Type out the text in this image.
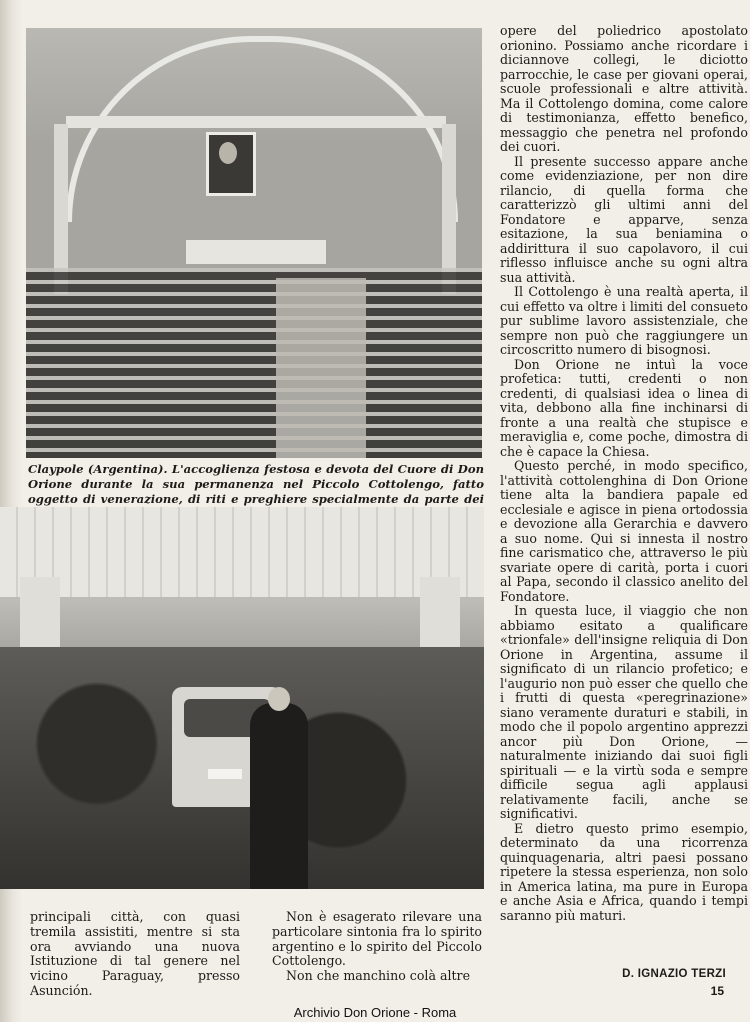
Claypole (Argentina). L'accoglienza festosa e devota del Cuore di Don Orione durante la sua permanenza nel Piccolo Cottolengo, fatto oggetto di venerazione, di riti e preghiere specialmente da parte dei

opere del poliedrico apostolato orionino. Possiamo anche ricordare i diciannove collegi, le diciotto parrocchie, le case per giovani operai, scuole professionali e altre attività. Ma il Cottolengo domina, come calore di testimonianza, effetto benefico, messaggio che penetra nel profondo dei cuori.

Il presente successo appare anche come evidenziazione, per non dire rilancio, di quella forma che caratterizzò gli ultimi anni del Fondatore e apparve, senza esitazione, la sua beniamina o addirittura il suo capolavoro, il cui riflesso influisce anche su ogni altra sua attività.

Il Cottolengo è una realtà aperta, il cui effetto va oltre i limiti del consueto pur sublime lavoro assistenziale, che sempre non può che raggiungere un circoscritto numero di bisognosi.

Don Orione ne intuì la voce profetica: tutti, credenti o non credenti, di qualsiasi idea o linea di vita, debbono alla fine inchinarsi di fronte a una realtà che stupisce e meraviglia e, come poche, dimostra di che è capace la Chiesa.

Questo perché, in modo specifico, l'attività cottolenghina di Don Orione tiene alta la bandiera papale ed ecclesiale e agisce in piena ortodossia e devozione alla Gerarchia e davvero a suo nome. Qui si innesta il nostro fine carismatico che, attraverso le più svariate opere di carità, porta i cuori al Papa, secondo il classico anelito del Fondatore.

In questa luce, il viaggio che non abbiamo esitato a qualificare «trionfale» dell'insigne reliquia di Don Orione in Argentina, assume il significato di un rilancio profetico; e l'augurio non può esser che quello che i frutti di questa «peregrinazione» siano veramente duraturi e stabili, in modo che il popolo argentino apprezzi ancor più Don Orione, — naturalmente iniziando dai suoi figli spirituali — e la virtù soda e sempre difficile segua agli applausi relativamente facili, anche se significativi.

E dietro questo primo esempio, determinato da una ricorrenza quinquagenaria, altri paesi possano ripetere la stessa esperienza, non solo in America latina, ma pure in Europa e anche Asia e Africa, quando i tempi saranno più maturi.

principali città, con quasi tremila assistiti, mentre si sta ora avviando una nuova Istituzione di tal genere nel vicino Paraguay, presso Asunción.

Non è esagerato rilevare una particolare sintonia fra lo spirito argentino e lo spirito del Piccolo Cottolengo.

Non che manchino colà altre	D. IGNAZIO TERZI
15
Archivio Don Orione - Roma
